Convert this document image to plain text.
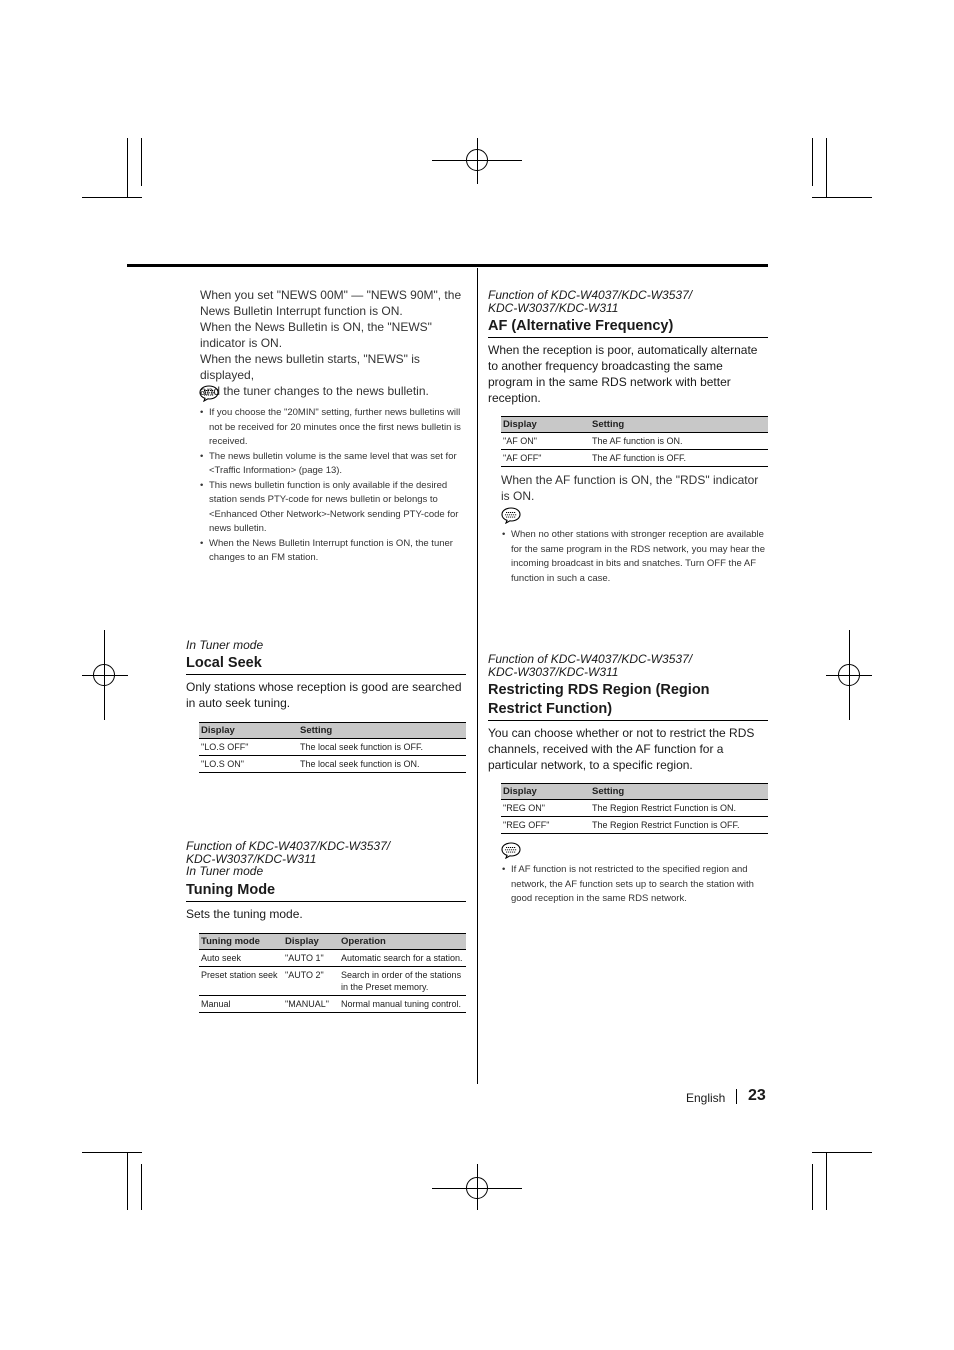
When you set "NEWS 00M" — "NEWS 90M", the
News Bulletin Interrupt function is ON.
When the News Bulletin is ON, the "NEWS"
indicator is ON.
When the news bulletin starts, "NEWS" is displayed,
and the tuner changes to the news bulletin.
• If you choose the "20MIN" setting, further news bulletins will not be received for 20 minutes once the first news bulletin is received.
• The news bulletin volume is the same level that was set for <Traffic Information> (page 13).
• This news bulletin function is only available if the desired station sends PTY-code for news bulletin or belongs to <Enhanced Other Network>-Network sending PTY-code for news bulletin.
• When the News Bulletin Interrupt function is ON, the tuner changes to an FM station.
In Tuner mode
Local Seek
Only stations whose reception is good are searched in auto seek tuning.
Display	Setting
"LO.S OFF"	The local seek function is OFF.
"LO.S ON"	The local seek function is ON.
Function of KDC-W4037/KDC-W3537/
KDC-W3037/KDC-W311
In Tuner mode
Tuning Mode
Sets the tuning mode.
Tuning mode	Display	Operation
Auto seek	"AUTO 1"	Automatic search for a station.
Preset station seek	"AUTO 2"	Search in order of the stations in the Preset memory.
Manual	"MANUAL"	Normal manual tuning control.
Function of KDC-W4037/KDC-W3537/
KDC-W3037/KDC-W311
AF (Alternative Frequency)
When the reception is poor, automatically alternate to another frequency broadcasting the same program in the same RDS network with better reception.
Display	Setting
"AF ON"	The AF function is ON.
"AF OFF"	The AF function is OFF.
When the AF function is ON, the "RDS" indicator is ON.
• When no other stations with stronger reception are available for the same program in the RDS network, you may hear the incoming broadcast in bits and snatches. Turn OFF the AF function in such a case.
Function of KDC-W4037/KDC-W3537/
KDC-W3037/KDC-W311
Restricting RDS Region (Region
Restrict Function)
You can choose whether or not to restrict the RDS channels, received with the AF function for a particular network, to a specific region.
Display	Setting
"REG ON"	The Region Restrict Function is ON.
"REG OFF"	The Region Restrict Function is OFF.
• If AF function is not restricted to the specified region and network, the AF function sets up to search the station with good reception in the same RDS network.
English 23
